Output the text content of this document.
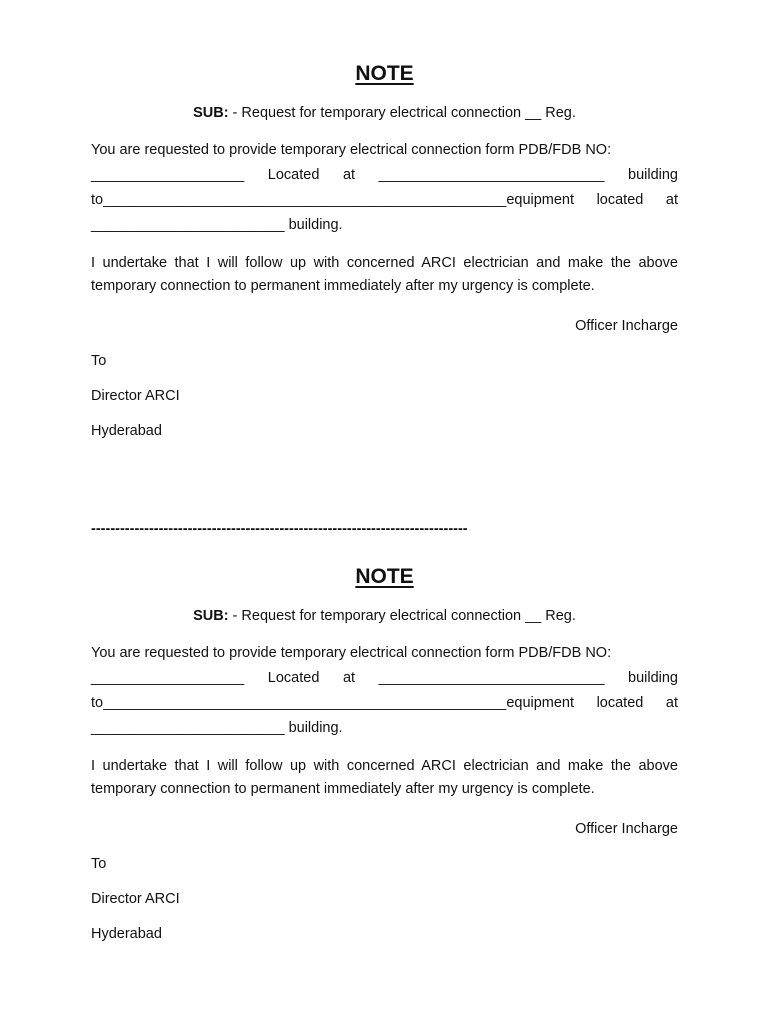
NOTE

SUB: - Request for temporary electrical connection __ Reg.

You are requested to provide temporary electrical connection form PDB/FDB NO:

___________________ Located at ____________________________ building
to__________________________________________________equipment located at

________________________ building.

I undertake that I will follow up with concerned ARCI electrician and make the above temporary connection to permanent immediately after my urgency is complete.

Officer Incharge

To

Director ARCI

Hyderabad

------------------------------------------------------------------------------

NOTE

SUB: - Request for temporary electrical connection __ Reg.

You are requested to provide temporary electrical connection form PDB/FDB NO:

___________________ Located at ____________________________ building
to__________________________________________________equipment located at

________________________ building.

I undertake that I will follow up with concerned ARCI electrician and make the above temporary connection to permanent immediately after my urgency is complete.

Officer Incharge

To

Director ARCI

Hyderabad
